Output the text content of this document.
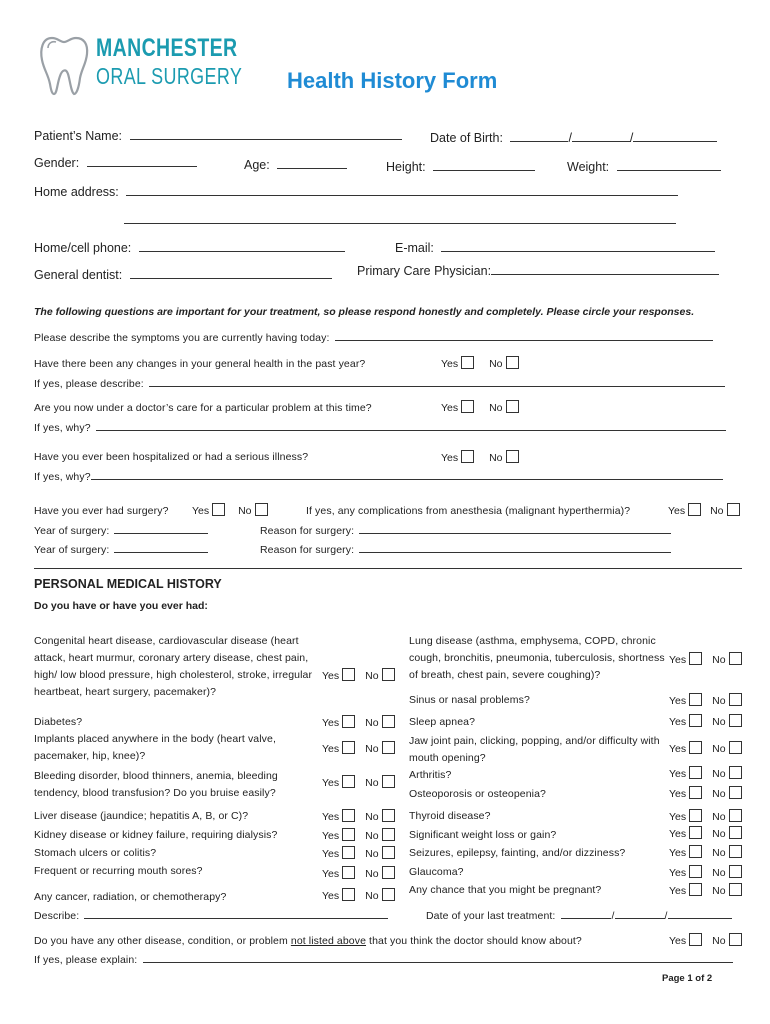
MANCHESTER
ORAL SURGERY Health History Form
Patient’s Name:	Date of Birth:	/	/
Gender:	Age:	Height:	Weight:
Home address:
Home/cell phone:	E-mail:
General dentist:	Primary Care Physician:
The following questions are important for your treatment, so please respond honestly and completely. Please circle your responses.
Please describe the symptoms you are currently having today:
Have there been any changes in your general health in the past year?	Yes	No
If yes, please describe:
Are you now under a doctor’s care for a particular problem at this time?	Yes	No
If yes, why?
Have you ever been hospitalized or had a serious illness?	Yes	No
If yes, why?
Have you ever had surgery? Yes	No	If yes, any complications from anesthesia (malignant hyperthermia)?	Yes No
Year of surgery:	Reason for surgery:
Year of surgery:	Reason for surgery:
PERSONAL MEDICAL HISTORY
Do you have or have you ever had:
Congenital heart disease, cardiovascular disease (heart attack, heart murmur, coronary artery disease, chest pain, high/ low blood pressure, high cholesterol, stroke, irregular heartbeat, heart surgery, pacemaker)?
Yes No
Diabetes?	Yes No
Implants placed anywhere in the body (heart valve, pacemaker, hip, knee)?
Yes No
Bleeding disorder, blood thinners, anemia, bleeding tendency, blood transfusion? Do you bruise easily?
Yes No
Liver disease (jaundice; hepatitis A, B, or C)?	Yes No
Kidney disease or kidney failure, requiring dialysis?	Yes No
Stomach ulcers or colitis?	Yes No
Frequent or recurring mouth sores?	Yes No
Any cancer, radiation, or chemotherapy?	Yes No
Describe:
Lung disease (asthma, emphysema, COPD, chronic cough, bronchitis, pneumonia, tuberculosis, shortness of breath, chest pain, severe coughing)?
Yes No
Sinus or nasal problems?	Yes No
Sleep apnea?	Yes No
Jaw joint pain, clicking, popping, and/or difficulty with mouth opening?
Yes No
Arthritis?	Yes No
Osteoporosis or osteopenia?	Yes No
Thyroid disease?	Yes No
Significant weight loss or gain?	Yes No
Seizures, epilepsy, fainting, and/or dizziness?	Yes No
Glaucoma?	Yes No
Any chance that you might be pregnant?	Yes No
Date of your last treatment:	/	/
Do you have any other disease, condition, or problem not listed above that you think the doctor should know about?	Yes No
If yes, please explain:
Page 1 of 2
